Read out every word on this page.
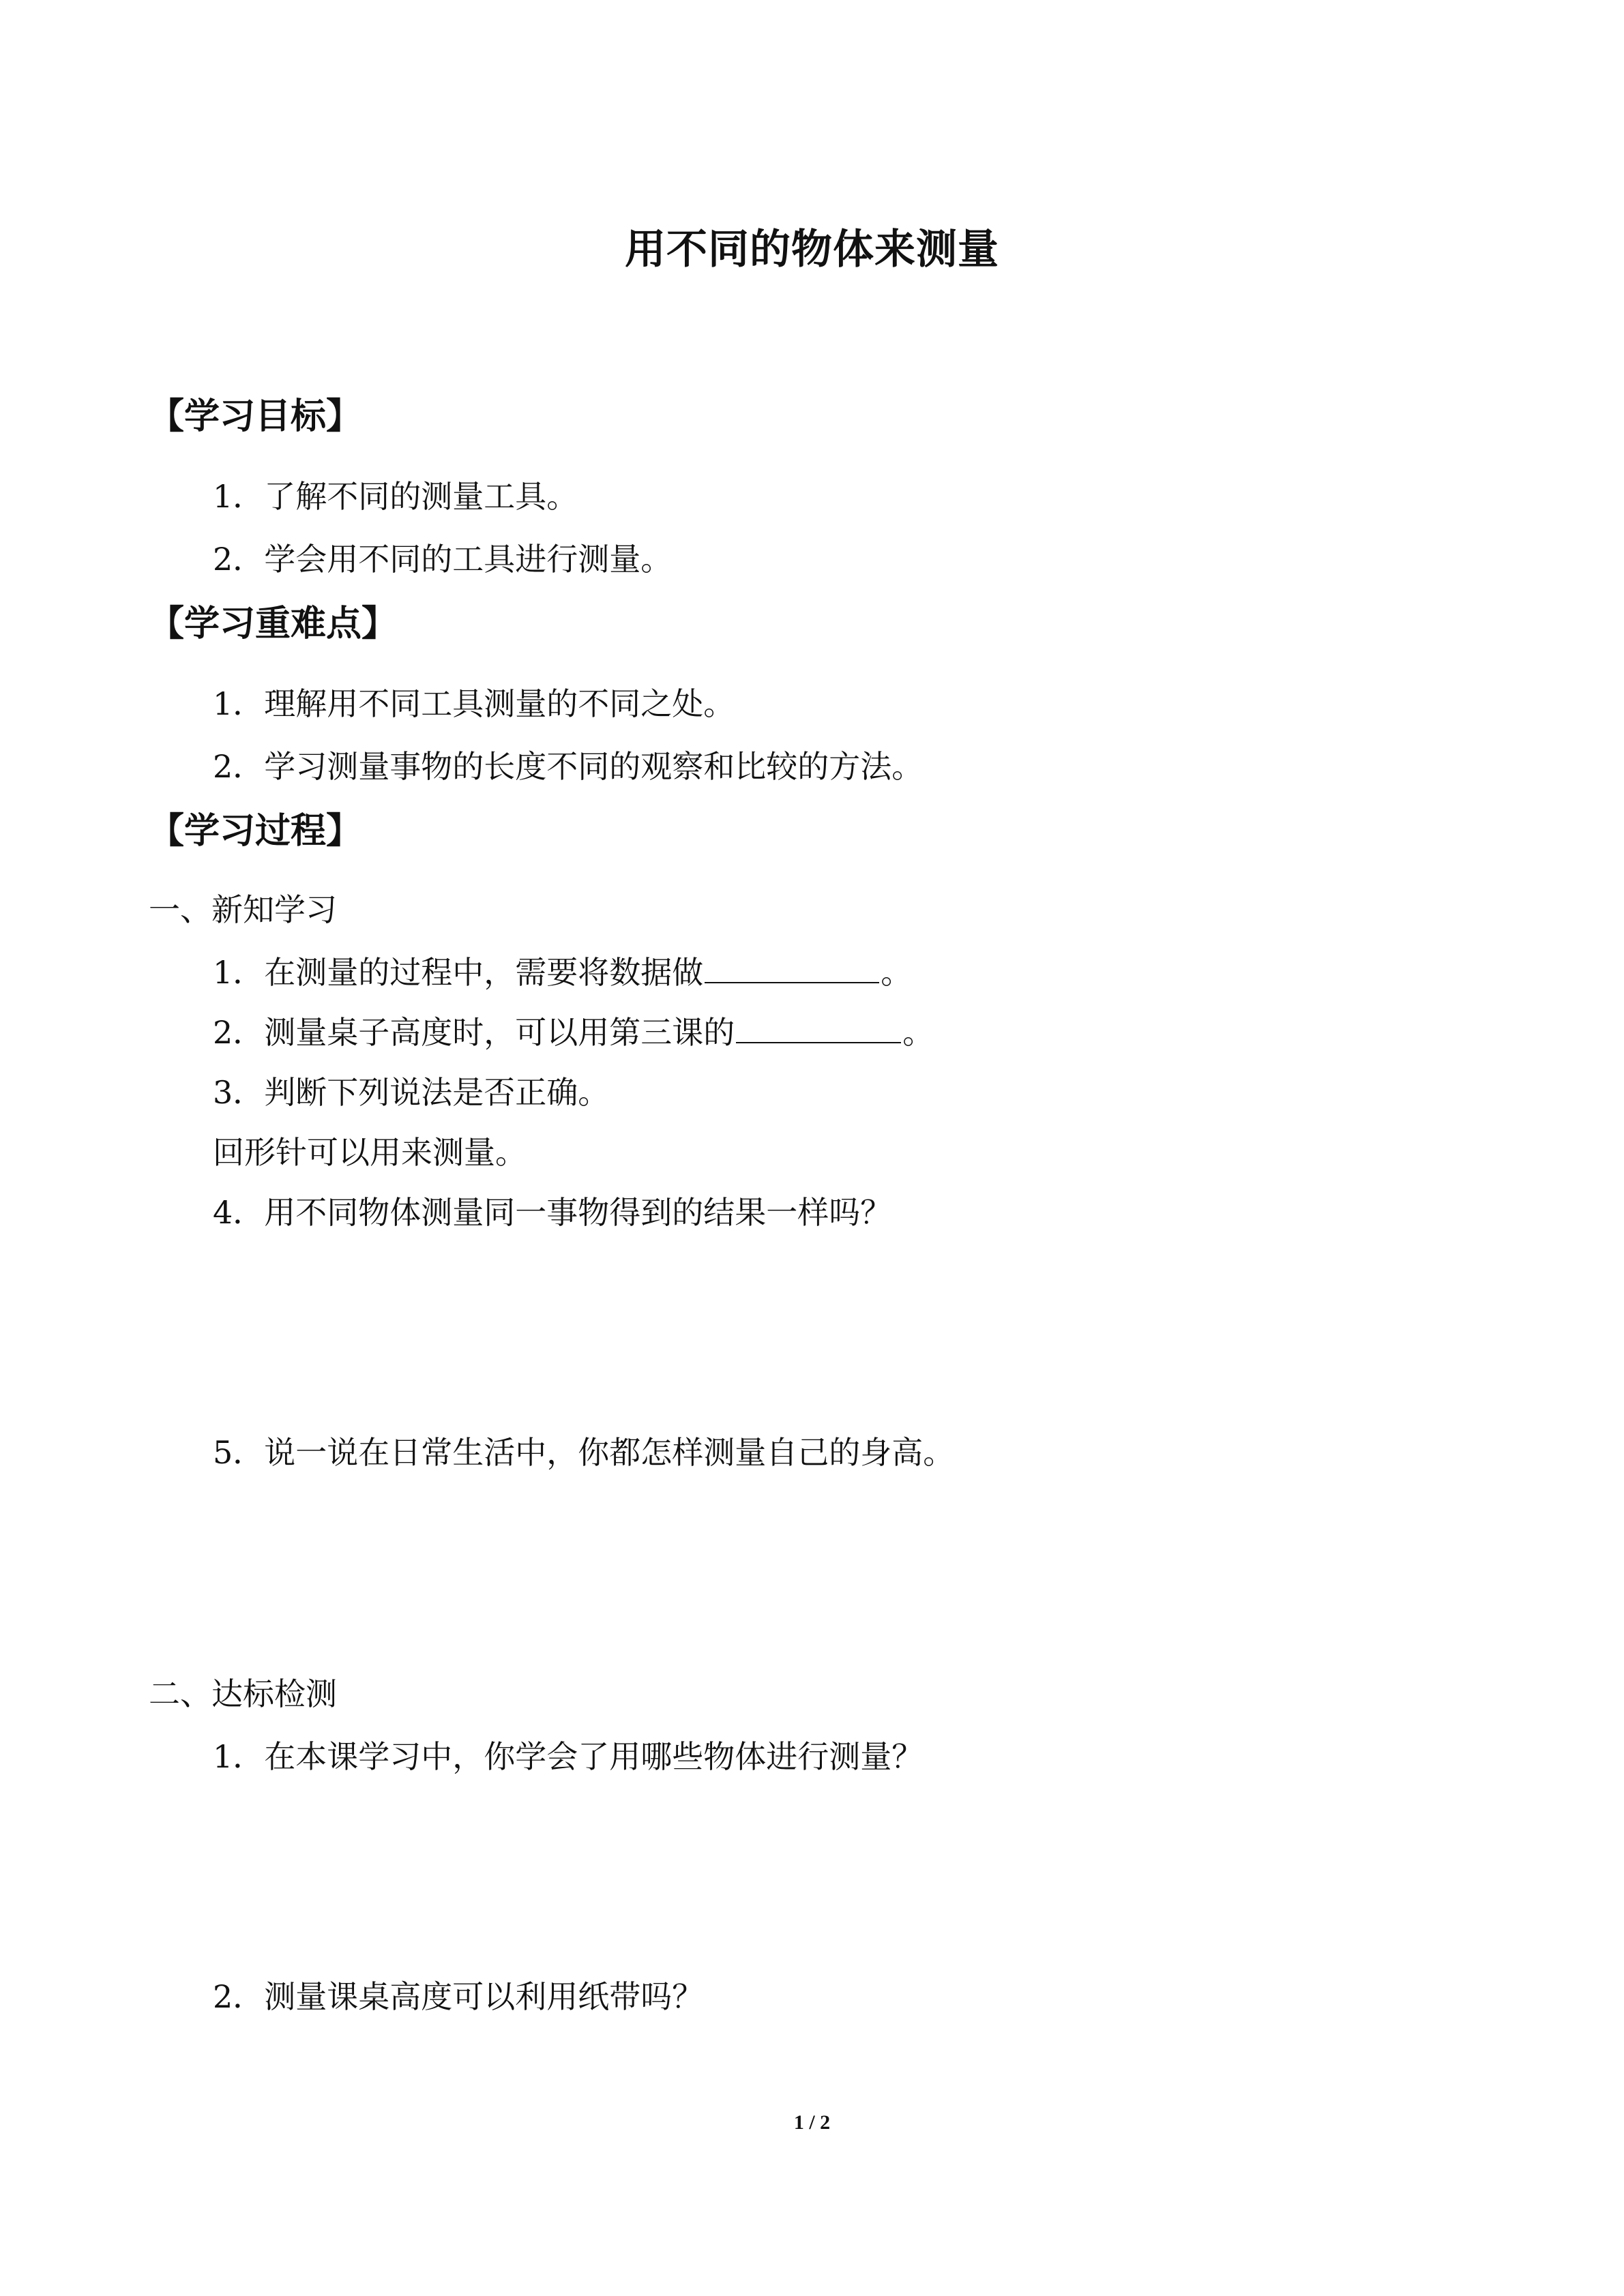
用不同的物体来测量
【学习目标】
1．了解不同的测量工具。
2．学会用不同的工具进行测量。
【学习重难点】
1．理解用不同工具测量的不同之处。
2．学习测量事物的长度不同的观察和比较的方法。
【学习过程】
一、新知学习
1．在测量的过程中，需要将数据做	。
2．测量桌子高度时，可以用第三课的	。
3．判断下列说法是否正确。
回形针可以用来测量。
4．用不同物体测量同一事物得到的结果一样吗？
5．说一说在日常生活中，你都怎样测量自己的身高。
二、达标检测
1．在本课学习中，你学会了用哪些物体进行测量？
2．测量课桌高度可以利用纸带吗？
1 / 2
